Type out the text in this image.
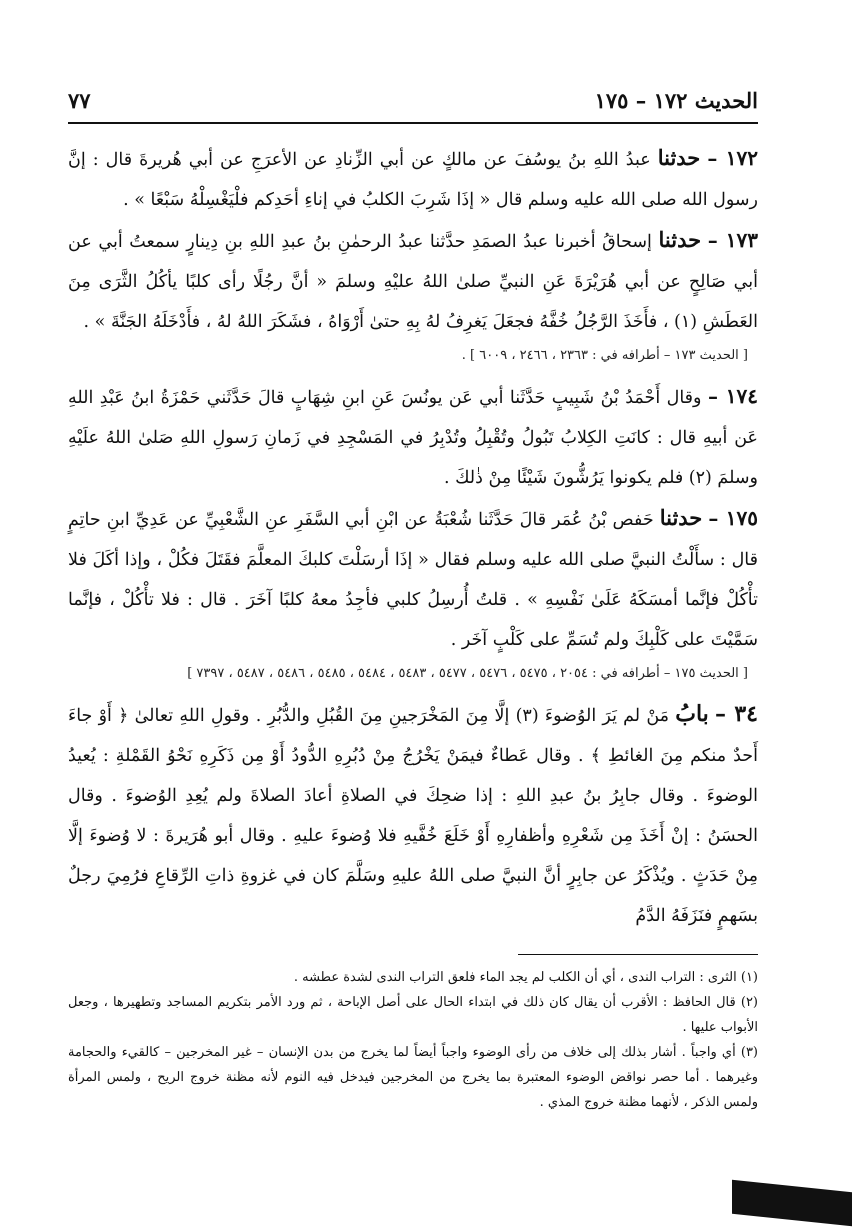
الحديث ١٧٢ – ١٧٥
٧٧
١٧٢ – حدثنا عبدُ اللهِ بنُ يوسُفَ عن مالكٍ عن أبي الزِّنادِ عن الأعرَجِ عن أبي هُريرةَ قال : إنَّ رسول الله صلى الله عليه وسلم قال « إذَا شَرِبَ الكلبُ في إناءِ أحَدِكم فلْيَغْسِلْهُ سَبْعًا » .
١٧٣ – حدثنا إسحاقُ أخبرنا عبدُ الصمَدِ حدَّثنا عبدُ الرحمٰنِ بنُ عبدِ اللهِ بنِ دِينارٍ سمعتُ أبي عن أبي صَالِحٍ عن أبي هُرَيْرَةَ عَنِ النبيِّ صلىٰ اللهُ عليْهِ وسلمَ « أنَّ رجُلًا رأى كلبًا يأكُلُ الثَّرَى مِنَ العَطَشِ (١) ، فأَخَذَ الرَّجُلُ خُفَّهُ فجعَلَ يَغرِفُ لهُ بِهِ حتىٰ أَرْوَاهُ ، فشَكَرَ اللهُ لهُ ، فأَدْخَلَهُ الجَنَّةَ » .
[ الحديث ١٧٣ – أطرافه في : ٢٣٦٣ ، ٢٤٦٦ ، ٦٠٠٩ ] .
١٧٤ – وقال أَحْمَدُ بْنُ شَبِيبٍ حَدَّثَنا أبي عَن يونُسَ عَنِ ابنِ شِهَابٍ قالَ حَدَّثَني حَمْزَةُ ابنُ عَبْدِ اللهِ عَن أبيهِ قال : كانَتِ الكِلابُ تَبُولُ وتُقْبِلُ وتُدْبِرُ في المَسْجِدِ في زَمانِ رَسولِ اللهِ صَلىٰ اللهُ علَيْهِ وسلمَ (٢) فلم يكونوا يَرُشُّونَ شَيْئًا مِنْ ذٰلكَ .
١٧٥ – حدثنا حَفص بْنُ عُمَر قالَ حَدَّثَنا شُعْبَةُ عن ابْنِ أبي السَّفَرِ عنِ الشَّعْبِيِّ عن عَدِيِّ ابنِ حاتِمٍ قال : سأَلْتُ النبيَّ صلى الله عليه وسلم فقال « إذَا أرسَلْتَ كلبكَ المعلَّمَ فقَتَلَ فكُلْ ، وإذا أكَلَ فلا تأْكُلْ فإنَّما أمسَكَهُ عَلَىٰ نَفْسِهِ » . قلتُ أُرسِلُ كلبي فأجِدُ معهُ كلبًا آخَرَ . قال : فلا تأْكُلْ ، فإنَّما سَمَّيْتَ على كَلْبِكَ ولم تُسَمِّ على كَلْبٍ آخَر .
[ الحديث ١٧٥ – أطرافه في : ٢٠٥٤ ، ٥٤٧٥ ، ٥٤٧٦ ، ٥٤٧٧ ، ٥٤٨٣ ، ٥٤٨٤ ، ٥٤٨٥ ، ٥٤٨٦ ، ٥٤٨٧ ، ٧٣٩٧ ]
٣٤ – بابُ مَنْ لم يَرَ الوُضوءَ (٣) إلَّا مِنَ المَخْرَجينِ مِنَ القُبُلِ والدُّبُرِ . وقولِ اللهِ تعالىٰ ﴿ أَوْ جاءَ أَحدٌ منكم مِنَ الغائطِ ﴾ . وقال عَطاءٌ فيمَنْ يَخْرُجُ مِنْ دُبُرِهِ الدُّودُ أَوْ مِن ذَكَرِهِ نَحْوُ القَمْلةِ : يُعيدُ الوضوءَ . وقال جابِرُ بنُ عبدِ اللهِ : إذا ضحِكَ في الصلاةِ أعادَ الصلاةَ ولم يُعِدِ الوُضوءَ . وقال الحسَنُ : إنْ أَخَذَ مِن شَعْرِهِ وأظفارِهِ أَوْ خَلَعَ خُفَّيهِ فلا وُضوءَ عليهِ . وقال أبو هُرَيرةَ : لا وُضوءَ إلَّا مِنْ حَدَثٍ . ويُذْكَرُ عن جابِرٍ أنَّ النبيَّ صلى اللهُ عليهِ وسَلَّمَ كان في غزوةِ ذاتِ الرِّقاعِ فرُمِيَ رجلٌ بسَهمٍ فنَزَفَهُ الدَّمُ
(١) الثرى : التراب الندى ، أي أن الكلب لم يجد الماء فلعق التراب الندى لشدة عطشه .
(٢) قال الحافظ : الأقرب أن يقال كان ذلك في ابتداء الحال على أصل الإباحة ، ثم ورد الأمر بتكريم المساجد وتطهيرها ، وجعل الأبواب عليها .
(٣) أي واجباً . أشار بذلك إلى خلاف من رأى الوضوء واجباً أيضاً لما يخرج من بدن الإنسان – غير المخرجين – كالقيء والحجامة وغيرهما . أما حصر نواقض الوضوء المعتبرة بما يخرج من المخرجين فيدخل فيه النوم لأنه مظنة خروج الريح ، ولمس المرأة ولمس الذكر ، لأنهما مظنة خروج المذي .
